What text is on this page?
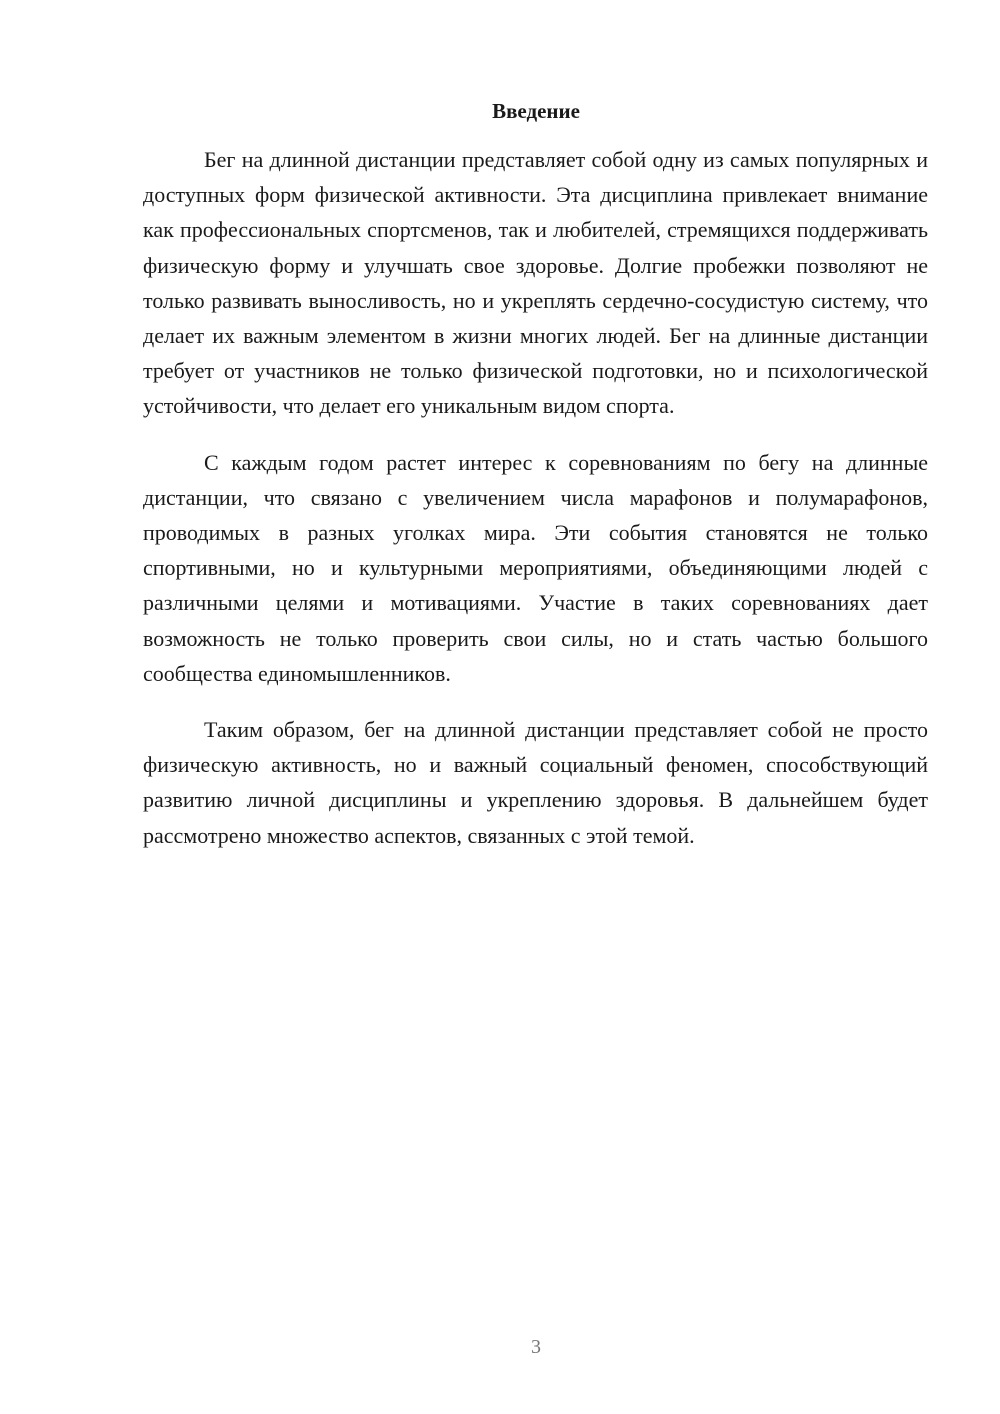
Введение

Бег на длинной дистанции представляет собой одну из самых популярных и доступных форм физической активности. Эта дисциплина привлекает внимание как профессиональных спортсменов, так и любителей, стремящихся поддерживать физическую форму и улучшать свое здоровье. Долгие пробежки позволяют не только развивать выносливость, но и укреплять сердечно-сосудистую систему, что делает их важным элементом в жизни многих людей. Бег на длинные дистанции требует от участников не только физической подготовки, но и психологической устойчивости, что делает его уникальным видом спорта.

С каждым годом растет интерес к соревнованиям по бегу на длинные дистанции, что связано с увеличением числа марафонов и полумарафонов, проводимых в разных уголках мира. Эти события становятся не только спортивными, но и культурными мероприятиями, объединяющими людей с различными целями и мотивациями. Участие в таких соревнованиях дает возможность не только проверить свои силы, но и стать частью большого сообщества единомышленников.

Таким образом, бег на длинной дистанции представляет собой не просто физическую активность, но и важный социальный феномен, способствующий развитию личной дисциплины и укреплению здоровья. В дальнейшем будет рассмотрено множество аспектов, связанных с этой темой.

3
